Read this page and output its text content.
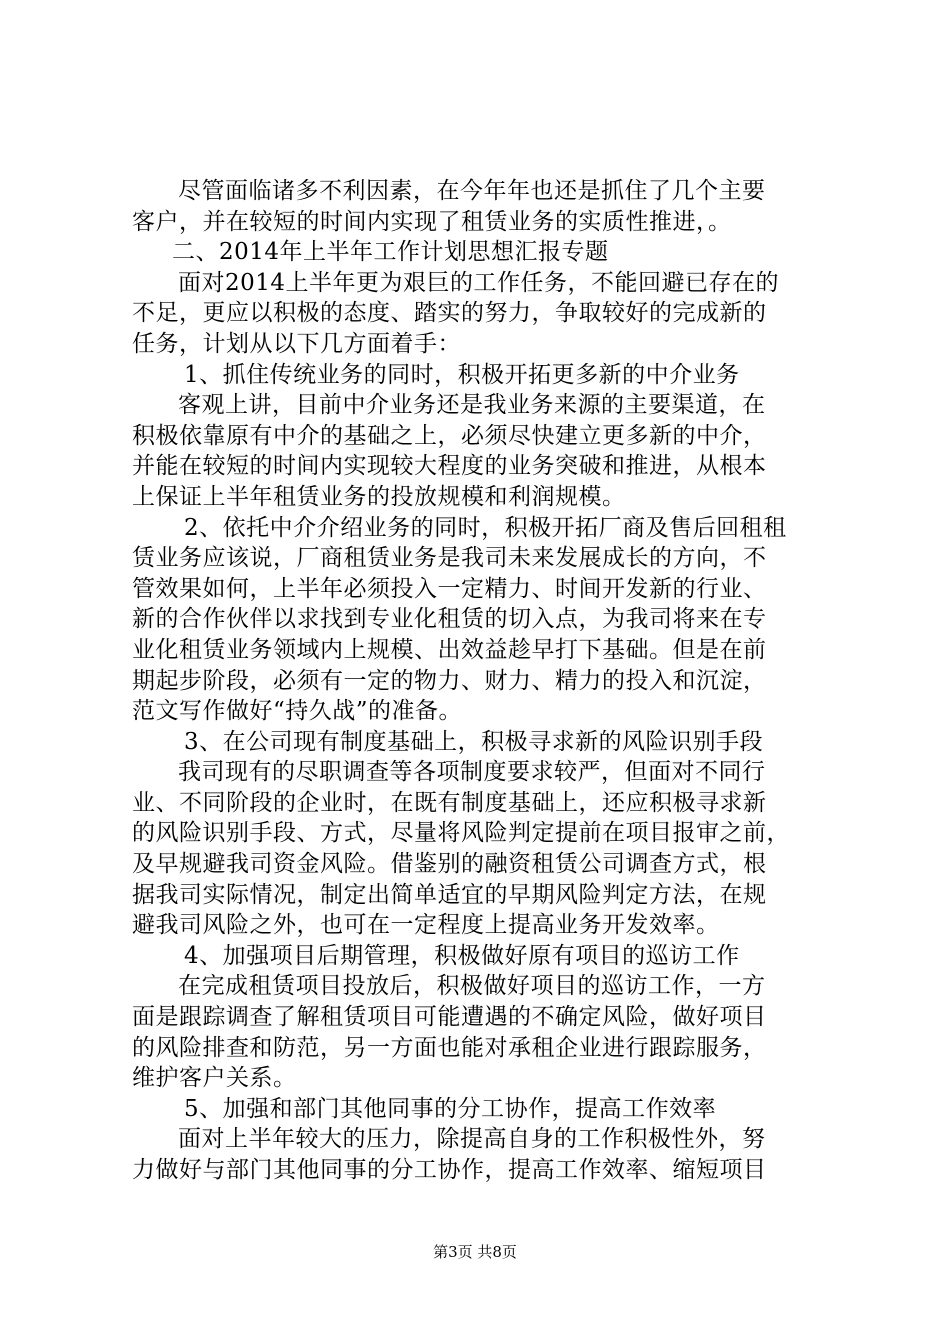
尽管面临诸多不利因素，在今年年也还是抓住了几个主要
客户，并在较短的时间内实现了租赁业务的实质性推进，。
二、2014年上半年工作计划思想汇报专题
面对2014上半年更为艰巨的工作任务，不能回避已存在的
不足，更应以积极的态度、踏实的努力，争取较好的完成新的
任务，计划从以下几方面着手：
1、抓住传统业务的同时，积极开拓更多新的中介业务
客观上讲，目前中介业务还是我业务来源的主要渠道，在
积极依靠原有中介的基础之上，必须尽快建立更多新的中介，
并能在较短的时间内实现较大程度的业务突破和推进，从根本
上保证上半年租赁业务的投放规模和利润规模。
2、依托中介介绍业务的同时，积极开拓厂商及售后回租租
赁业务应该说，厂商租赁业务是我司未来发展成长的方向，不
管效果如何，上半年必须投入一定精力、时间开发新的行业、
新的合作伙伴以求找到专业化租赁的切入点，为我司将来在专
业化租赁业务领域内上规模、出效益趁早打下基础。但是在前
期起步阶段，必须有一定的物力、财力、精力的投入和沉淀，
范文写作做好“持久战”的准备。
3、在公司现有制度基础上，积极寻求新的风险识别手段
我司现有的尽职调查等各项制度要求较严，但面对不同行
业、不同阶段的企业时，在既有制度基础上，还应积极寻求新
的风险识别手段、方式，尽量将风险判定提前在项目报审之前，
及早规避我司资金风险。借鉴别的融资租赁公司调查方式，根
据我司实际情况，制定出简单适宜的早期风险判定方法，在规
避我司风险之外，也可在一定程度上提高业务开发效率。
4、加强项目后期管理，积极做好原有项目的巡访工作
在完成租赁项目投放后，积极做好项目的巡访工作，一方
面是跟踪调查了解租赁项目可能遭遇的不确定风险，做好项目
的风险排查和防范，另一方面也能对承租企业进行跟踪服务，
维护客户关系。
5、加强和部门其他同事的分工协作，提高工作效率
面对上半年较大的压力，除提高自身的工作积极性外，努
力做好与部门其他同事的分工协作，提高工作效率、缩短项目
第3页 共8页
